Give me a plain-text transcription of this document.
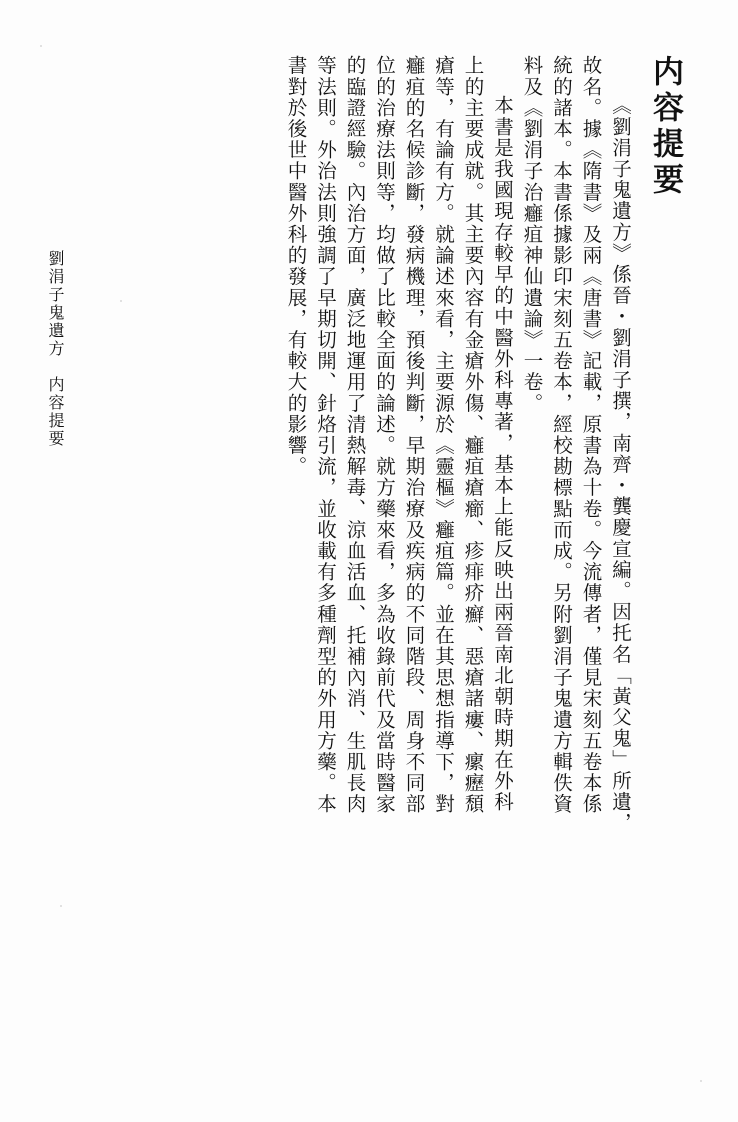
内容提要
《劉涓子鬼遺方》係晉・劉涓子撰，南齊・龔慶宣編。因托名「黃父鬼」所遺，
故名。據《隋書》及兩《唐書》記載，原書為十卷。今流傳者，僅見宋刻五卷本係
統的諸本。本書係據影印宋刻五卷本，經校勘標點而成。另附劉涓子鬼遺方輯佚資
料及《劉涓子治癰疽神仙遺論》一卷。
本書是我國現存較早的中醫外科專著，基本上能反映出兩晉南北朝時期在外科
上的主要成就。其主要內容有金瘡外傷、癰疽瘡癤、疹痱疥癬、惡瘡諸瘻、瘰癧頹
瘡等，有論有方。就論述來看，主要源於《靈樞》癰疽篇。並在其思想指導下，對
癰疽的名候診斷，發病機理，預後判斷，早期治療及疾病的不同階段、周身不同部
位的治療法則等，均做了比較全面的論述。就方藥來看，多為收錄前代及當時醫家
的臨證經驗。內治方面，廣泛地運用了清熱解毒、涼血活血、托補內消、生肌長肉
等法則。外治法則強調了早期切開、針烙引流，並收載有多種劑型的外用方藥。本
書對於後世中醫外科的發展，有較大的影響。
劉涓子鬼遺方　内容提要
